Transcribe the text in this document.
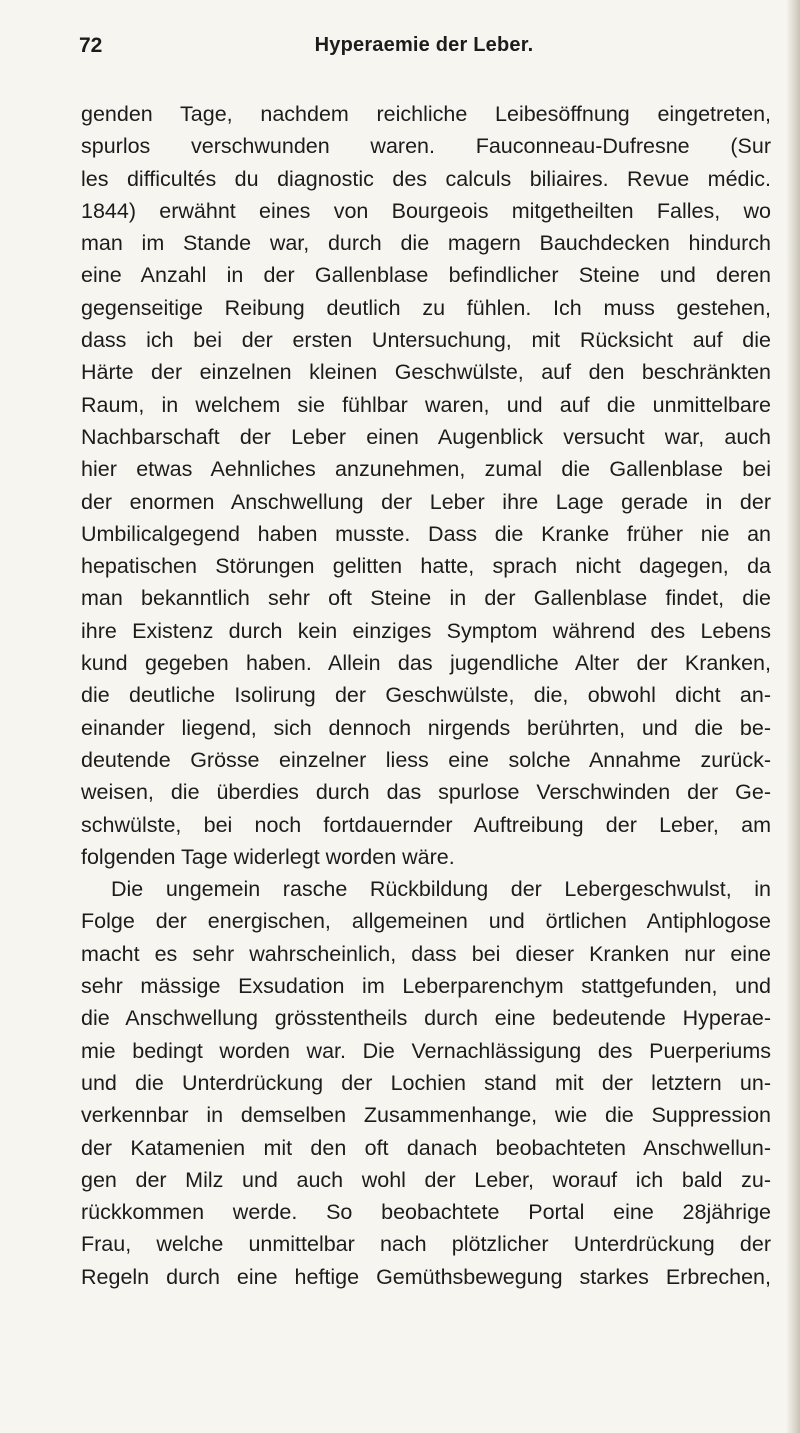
72	Hyperaemie der Leber.
genden Tage, nachdem reichliche Leibesöffnung eingetreten,
spurlos verschwunden waren. Fauconneau-Dufresne (Sur
les difficultés du diagnostic des calculs biliaires. Revue médic.
1844) erwähnt eines von Bourgeois mitgetheilten Falles, wo
man im Stande war, durch die magern Bauchdecken hindurch
eine Anzahl in der Gallenblase befindlicher Steine und deren
gegenseitige Reibung deutlich zu fühlen. Ich muss gestehen,
dass ich bei der ersten Untersuchung, mit Rücksicht auf die
Härte der einzelnen kleinen Geschwülste, auf den beschränkten
Raum, in welchem sie fühlbar waren, und auf die unmittelbare
Nachbarschaft der Leber einen Augenblick versucht war, auch
hier etwas Aehnliches anzunehmen, zumal die Gallenblase bei
der enormen Anschwellung der Leber ihre Lage gerade in der
Umbilicalgegend haben musste. Dass die Kranke früher nie an
hepatischen Störungen gelitten hatte, sprach nicht dagegen, da
man bekanntlich sehr oft Steine in der Gallenblase findet, die
ihre Existenz durch kein einziges Symptom während des Lebens
kund gegeben haben. Allein das jugendliche Alter der Kranken,
die deutliche Isolirung der Geschwülste, die, obwohl dicht an-
einander liegend, sich dennoch nirgends berührten, und die be-
deutende Grösse einzelner liess eine solche Annahme zurück-
weisen, die überdies durch das spurlose Verschwinden der Ge-
schwülste, bei noch fortdauernder Auftreibung der Leber, am
folgenden Tage widerlegt worden wäre.
Die ungemein rasche Rückbildung der Lebergeschwulst, in
Folge der energischen, allgemeinen und örtlichen Antiphlogose
macht es sehr wahrscheinlich, dass bei dieser Kranken nur eine
sehr mässige Exsudation im Leberparenchym stattgefunden, und
die Anschwellung grösstentheils durch eine bedeutende Hyperae-
mie bedingt worden war. Die Vernachlässigung des Puerperiums
und die Unterdrückung der Lochien stand mit der letztern un-
verkennbar in demselben Zusammenhange, wie die Suppression
der Katamenien mit den oft danach beobachteten Anschwellun-
gen der Milz und auch wohl der Leber, worauf ich bald zu-
rückkommen werde. So beobachtete Portal eine 28jährige
Frau, welche unmittelbar nach plötzlicher Unterdrückung der
Regeln durch eine heftige Gemüthsbewegung starkes Erbrechen,
